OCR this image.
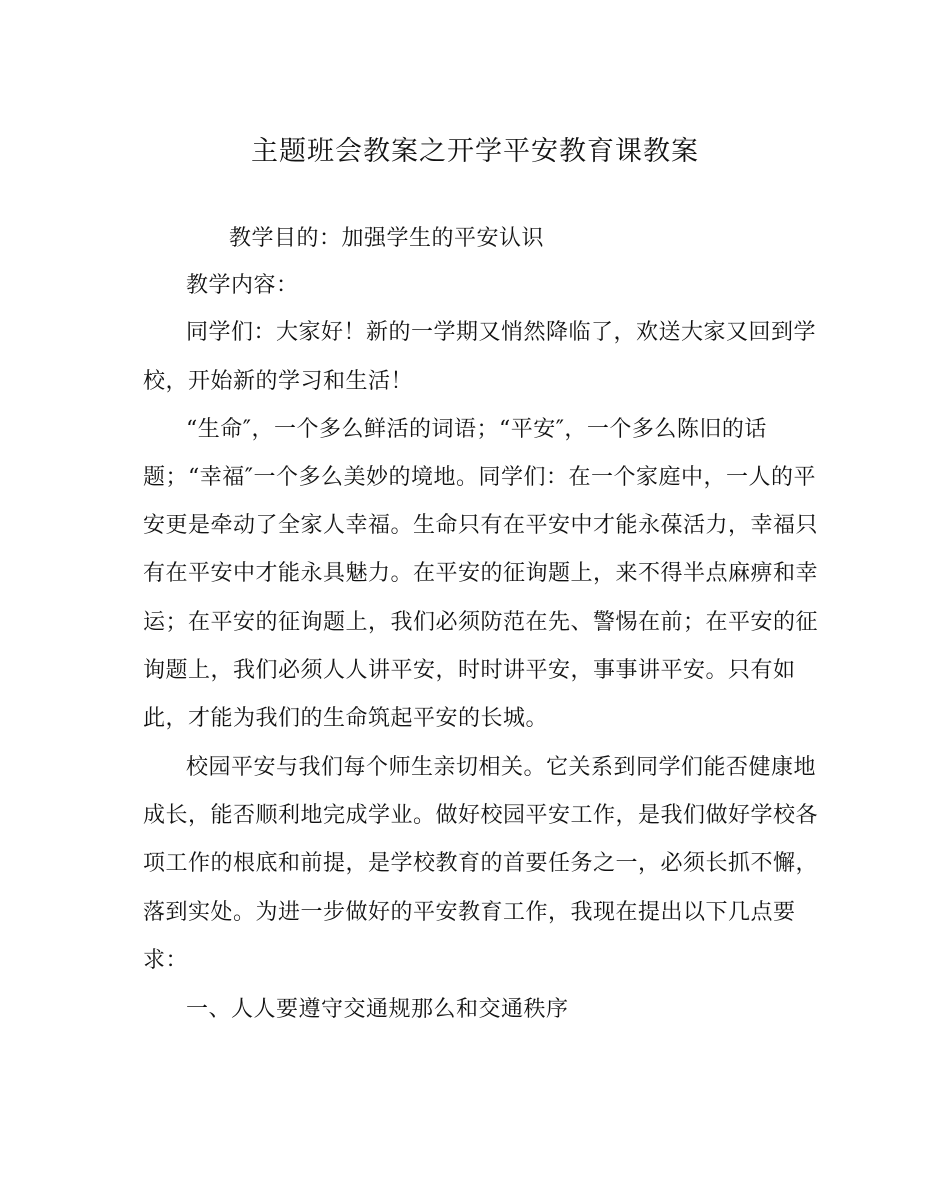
主题班会教案之开学平安教育课教案

教学目的：加强学生的平安认识

教学内容：

同学们：大家好！新的一学期又悄然降临了，欢送大家又回到学

校，开始新的学习和生活！

“生命″，一个多么鲜活的词语；“平安″，一个多么陈旧的话

题；“幸福″一个多么美妙的境地。同学们：在一个家庭中，一人的平

安更是牵动了全家人幸福。生命只有在平安中才能永葆活力，幸福只

有在平安中才能永具魅力。在平安的征询题上，来不得半点麻痹和幸

运；在平安的征询题上，我们必须防范在先、警惕在前；在平安的征

询题上，我们必须人人讲平安，时时讲平安，事事讲平安。只有如

此，才能为我们的生命筑起平安的长城。

校园平安与我们每个师生亲切相关。它关系到同学们能否健康地

成长，能否顺利地完成学业。做好校园平安工作，是我们做好学校各

项工作的根底和前提，是学校教育的首要任务之一，必须长抓不懈，

落到实处。为进一步做好的平安教育工作，我现在提出以下几点要

求：

一、人人要遵守交通规那么和交通秩序
